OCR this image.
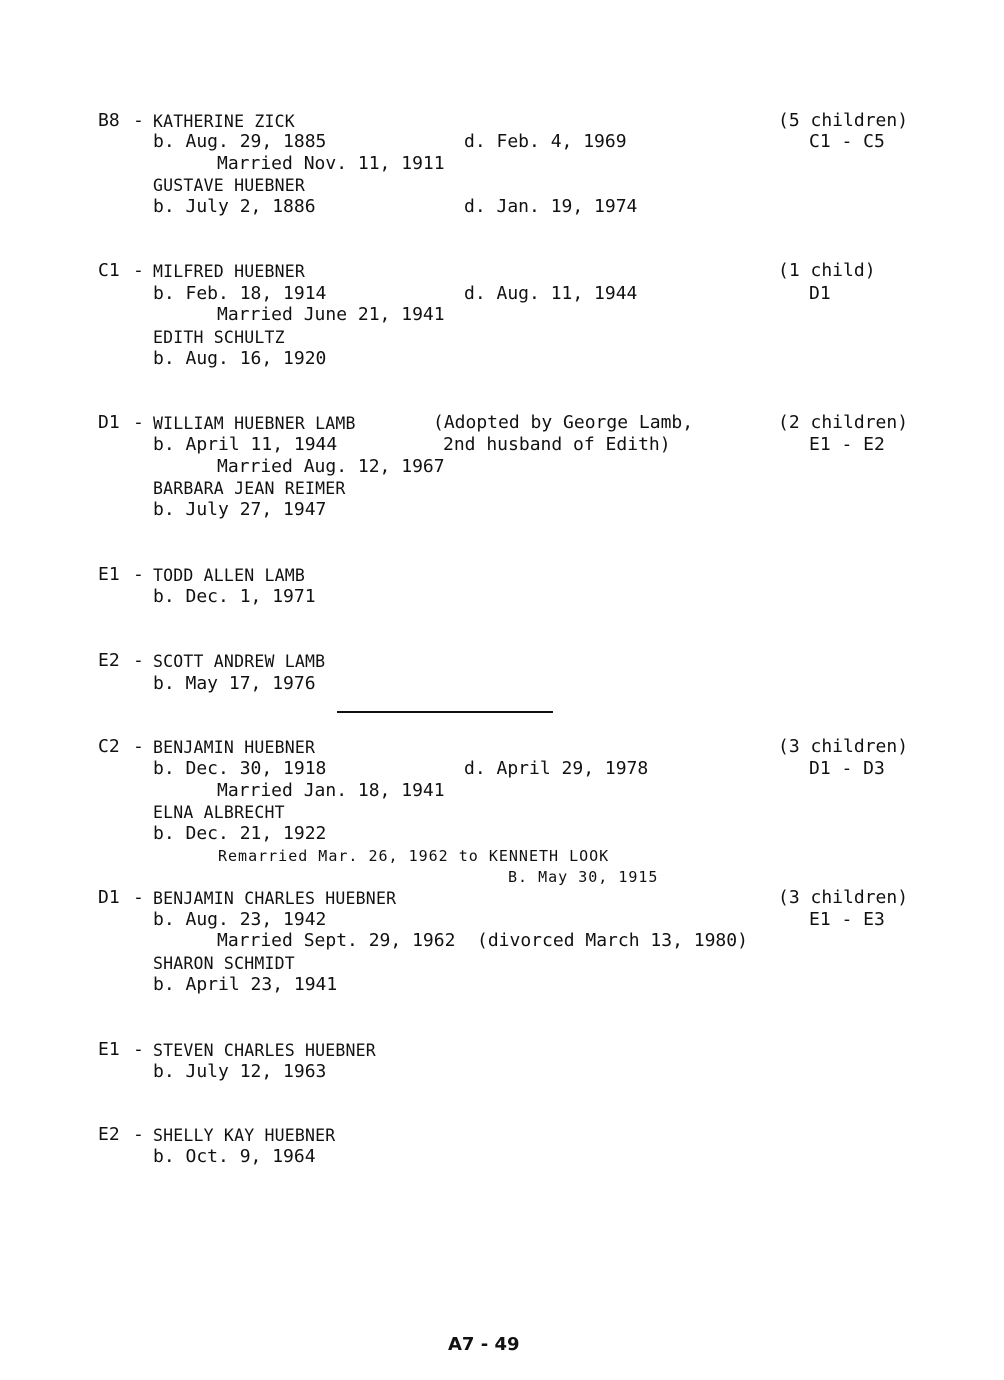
B8 - KATHERINE ZICK
b. Aug. 29, 1885	d. Feb. 4, 1969
Married Nov. 11, 1911
GUSTAVE HUEBNER
b. July 2, 1886	d. Jan. 19, 1974
(5 children)
C1 - C5
C1 - MILFRED HUEBNER
b. Feb. 18, 1914	d. Aug. 11, 1944
Married June 21, 1941
EDITH SCHULTZ
b. Aug. 16, 1920
(1 child)
D1
D1 - WILLIAM HUEBNER LAMB	(Adopted by George Lamb,
b. April 11, 1944	2nd husband of Edith)
Married Aug. 12, 1967
BARBARA JEAN REIMER
b. July 27, 1947
(2 children)
E1 - E2
E1 - TODD ALLEN LAMB
b. Dec. 1, 1971
E2 - SCOTT ANDREW LAMB
b. May 17, 1976
C2 - BENJAMIN HUEBNER
b. Dec. 30, 1918	d. April 29, 1978
Married Jan. 18, 1941
ELNA ALBRECHT
b. Dec. 21, 1922
Remarried Mar. 26, 1962 to KENNETH LOOK
B. May 30, 1915
(3 children)
D1 - D3
D1 - BENJAMIN CHARLES HUEBNER
b. Aug. 23, 1942
Married Sept. 29, 1962 (divorced March 13, 1980)
SHARON SCHMIDT
b. April 23, 1941
(3 children)
E1 - E3
E1 - STEVEN CHARLES HUEBNER
b. July 12, 1963
E2 - SHELLY KAY HUEBNER
b. Oct. 9, 1964
A7 - 49
